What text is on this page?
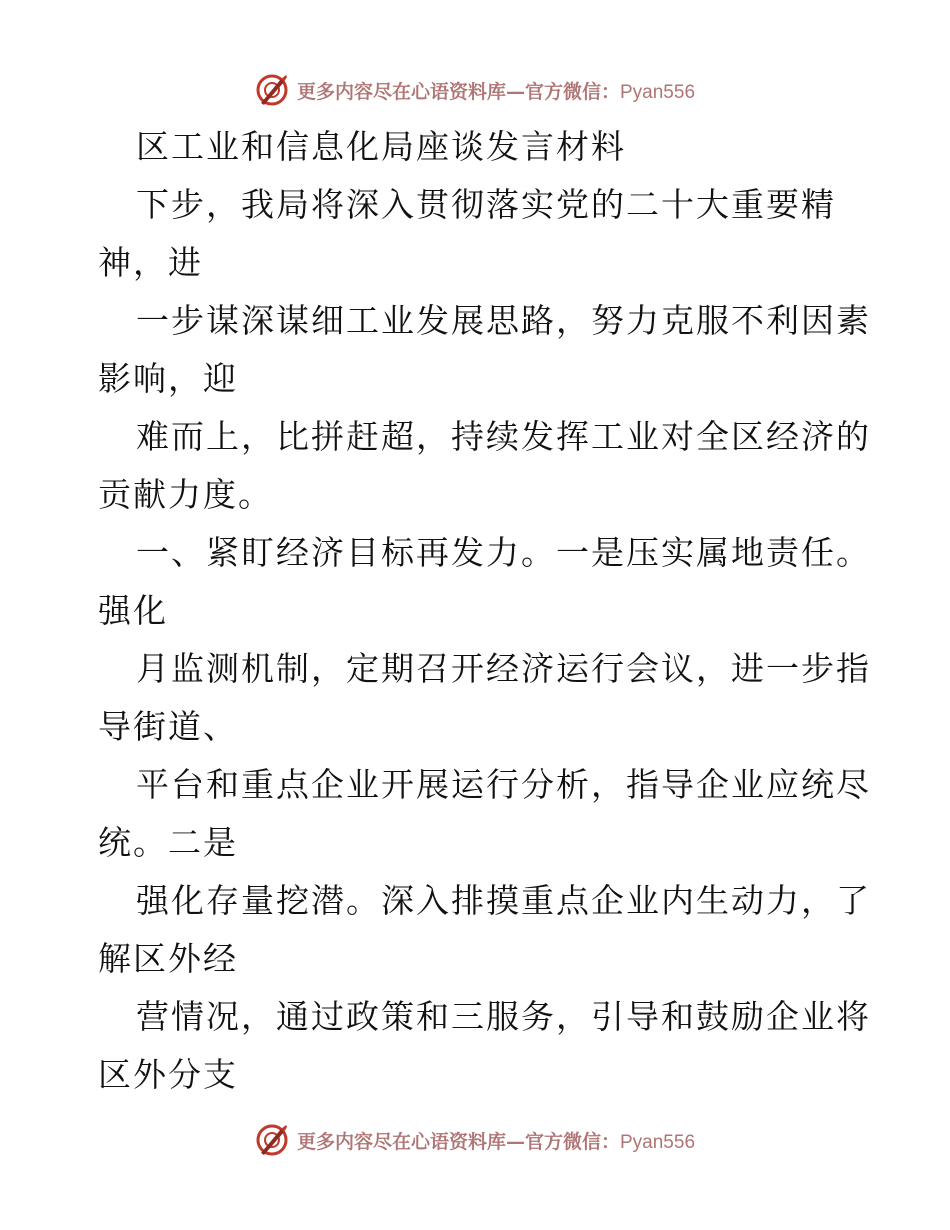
更多内容尽在心语资料库—官方微信：Pyan556
区工业和信息化局座谈发言材料
下步，我局将深入贯彻落实党的二十大重要精
神，进
一步谋深谋细工业发展思路，努力克服不利因素
影响，迎
难而上，比拼赶超，持续发挥工业对全区经济的
贡献力度。
一、紧盯经济目标再发力。一是压实属地责任。
强化
月监测机制，定期召开经济运行会议，进一步指
导街道、
平台和重点企业开展运行分析，指导企业应统尽
统。二是
强化存量挖潜。深入排摸重点企业内生动力，了
解区外经
营情况，通过政策和三服务，引导和鼓励企业将
区外分支
更多内容尽在心语资料库—官方微信：Pyan556
